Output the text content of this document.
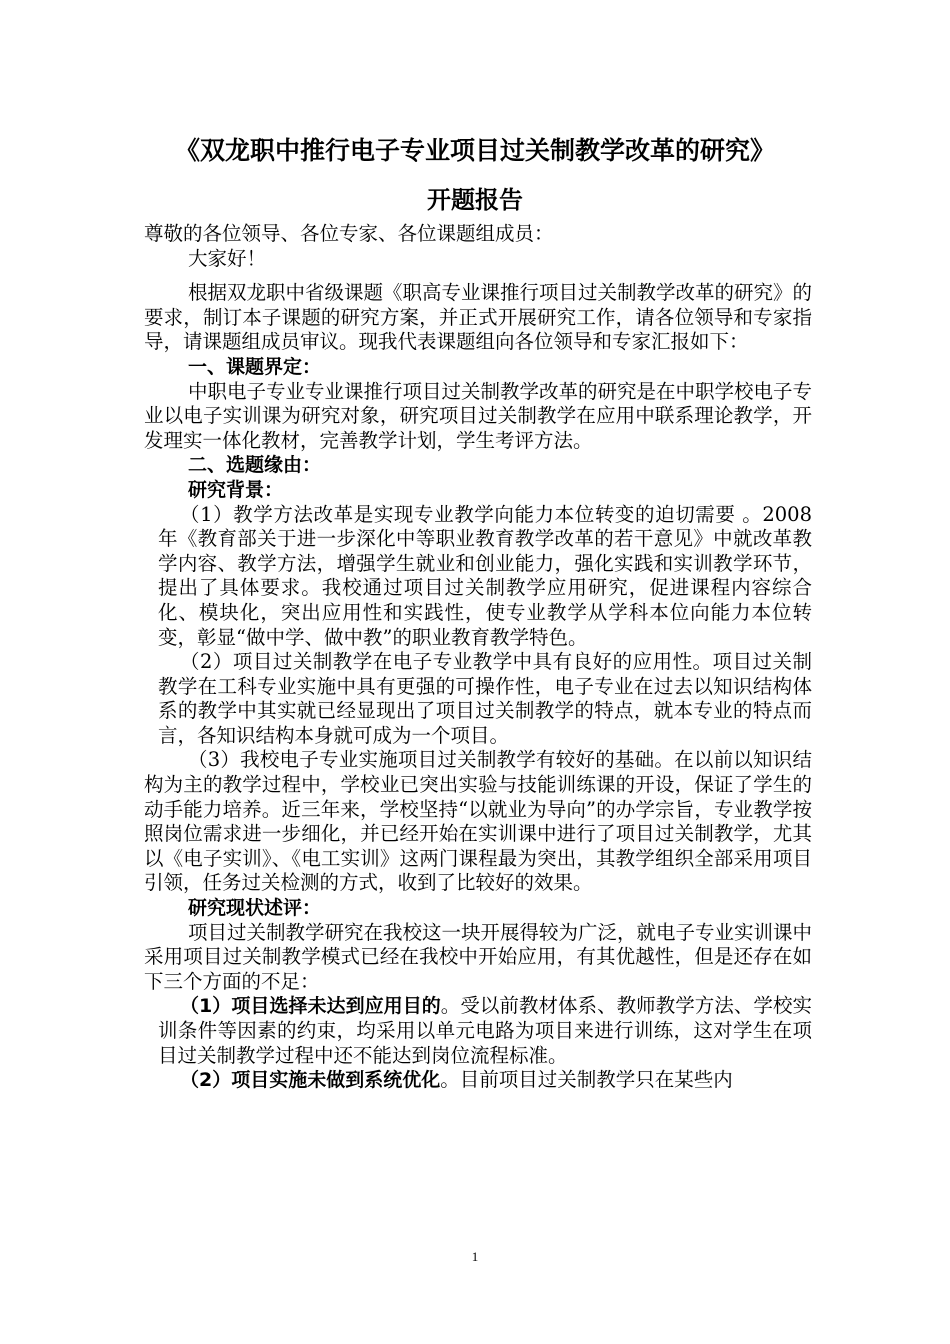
《双龙职中推行电子专业项目过关制教学改革的研究》
开题报告

尊敬的各位领导、各位专家、各位课题组成员：

大家好！

根据双龙职中省级课题《职高专业课推行项目过关制教学改革的研究》的要求，制订本子课题的研究方案，并正式开展研究工作，请各位领导和专家指导，请课题组成员审议。现我代表课题组向各位领导和专家汇报如下：

一、课题界定：

中职电子专业专业课推行项目过关制教学改革的研究是在中职学校电子专业以电子实训课为研究对象，研究项目过关制教学在应用中联系理论教学，开发理实一体化教材，完善教学计划，学生考评方法。

二、选题缘由：

研究背景：

（1）教学方法改革是实现专业教学向能力本位转变的迫切需要 。2008年《教育部关于进一步深化中等职业教育教学改革的若干意见》中就改革教学内容、教学方法，增强学生就业和创业能力，强化实践和实训教学环节，提出了具体要求。我校通过项目过关制教学应用研究，促进课程内容综合化、模块化，突出应用性和实践性，使专业教学从学科本位向能力本位转变，彰显“做中学、做中教”的职业教育教学特色。

（2）项目过关制教学在电子专业教学中具有良好的应用性。项目过关制教学在工科专业实施中具有更强的可操作性，电子专业在过去以知识结构体系的教学中其实就已经显现出了项目过关制教学的特点，就本专业的特点而言，各知识结构本身就可成为一个项目。

（3）我校电子专业实施项目过关制教学有较好的基础。在以前以知识结构为主的教学过程中，学校业已突出实验与技能训练课的开设，保证了学生的动手能力培养。近三年来，学校坚持“以就业为导向”的办学宗旨，专业教学按照岗位需求进一步细化，并已经开始在实训课中进行了项目过关制教学，尤其以《电子实训》、《电工实训》这两门课程最为突出，其教学组织全部采用项目引领，任务过关检测的方式，收到了比较好的效果。

研究现状述评：

项目过关制教学研究在我校这一块开展得较为广泛，就电子专业实训课中采用项目过关制教学模式已经在我校中开始应用，有其优越性，但是还存在如下三个方面的不足：

（1）项目选择未达到应用目的。受以前教材体系、教师教学方法、学校实训条件等因素的约束，均采用以单元电路为项目来进行训练，这对学生在项目过关制教学过程中还不能达到岗位流程标准。

（2）项目实施未做到系统优化。目前项目过关制教学只在某些内

1
